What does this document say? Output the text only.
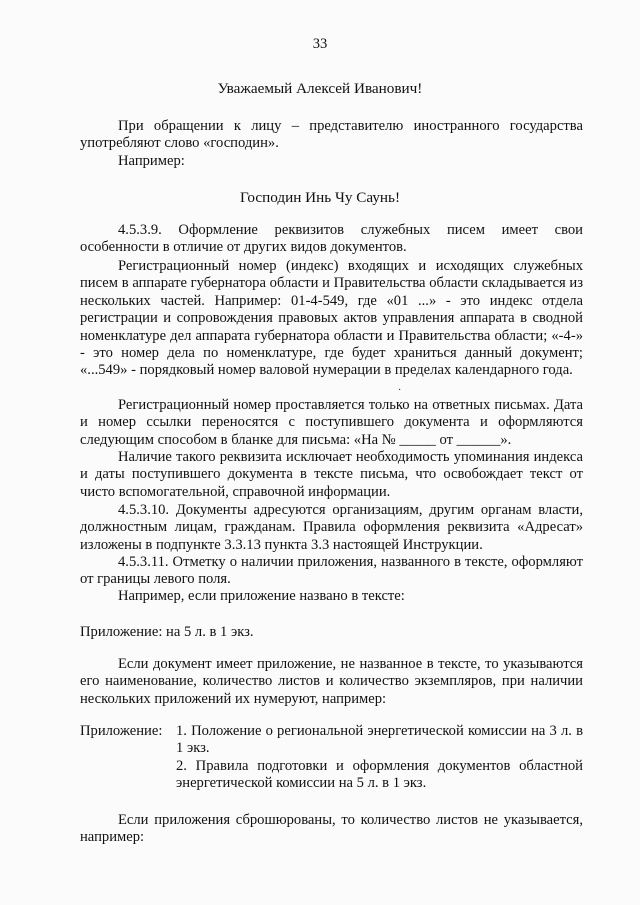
33
Уважаемый Алексей Иванович!
При обращении к лицу – представителю иностранного государства употребляют слово «господин».
Например:
Господин Инь Чу Саунь!
4.5.3.9. Оформление реквизитов служебных писем имеет свои особенности в отличие от других видов документов.
Регистрационный номер (индекс) входящих и исходящих служебных писем в аппарате губернатора области и Правительства области складывается из нескольких частей. Например: 01-4-549, где «01 ...» - это индекс отдела регистрации и сопровождения правовых актов управления аппарата в сводной номенклатуре дел аппарата губернатора области и Правительства области; «-4-» - это номер дела по номенклатуре, где будет храниться данный документ; «...549» - порядковый номер валовой нумерации в пределах календарного года.
·
Регистрационный номер проставляется только на ответных письмах. Дата и номер ссылки переносятся с поступившего документа и оформляются следующим способом в бланке для письма: «На № _____ от ______».
Наличие такого реквизита исключает необходимость упоминания индекса и даты поступившего документа в тексте письма, что освобождает текст от чисто вспомогательной, справочной информации.
4.5.3.10. Документы адресуются организациям, другим органам власти, должностным лицам, гражданам. Правила оформления реквизита «Адресат» изложены в подпункте 3.3.13 пункта 3.3 настоящей Инструкции.
4.5.3.11. Отметку о наличии приложения, названного в тексте, оформляют от границы левого поля.
Например, если приложение названо в тексте:
Приложение: на 5 л. в 1 экз.
Если документ имеет приложение, не названное в тексте, то указываются его наименование, количество листов и количество экземпляров, при наличии нескольких приложений их нумеруют, например:
Приложение: 1. Положение о региональной энергетической комиссии на 3 л. в 1 экз.
2. Правила подготовки и оформления документов областной энергетической комиссии на 5 л. в 1 экз.
Если приложения сброшюрованы, то количество листов не указывается, например:
